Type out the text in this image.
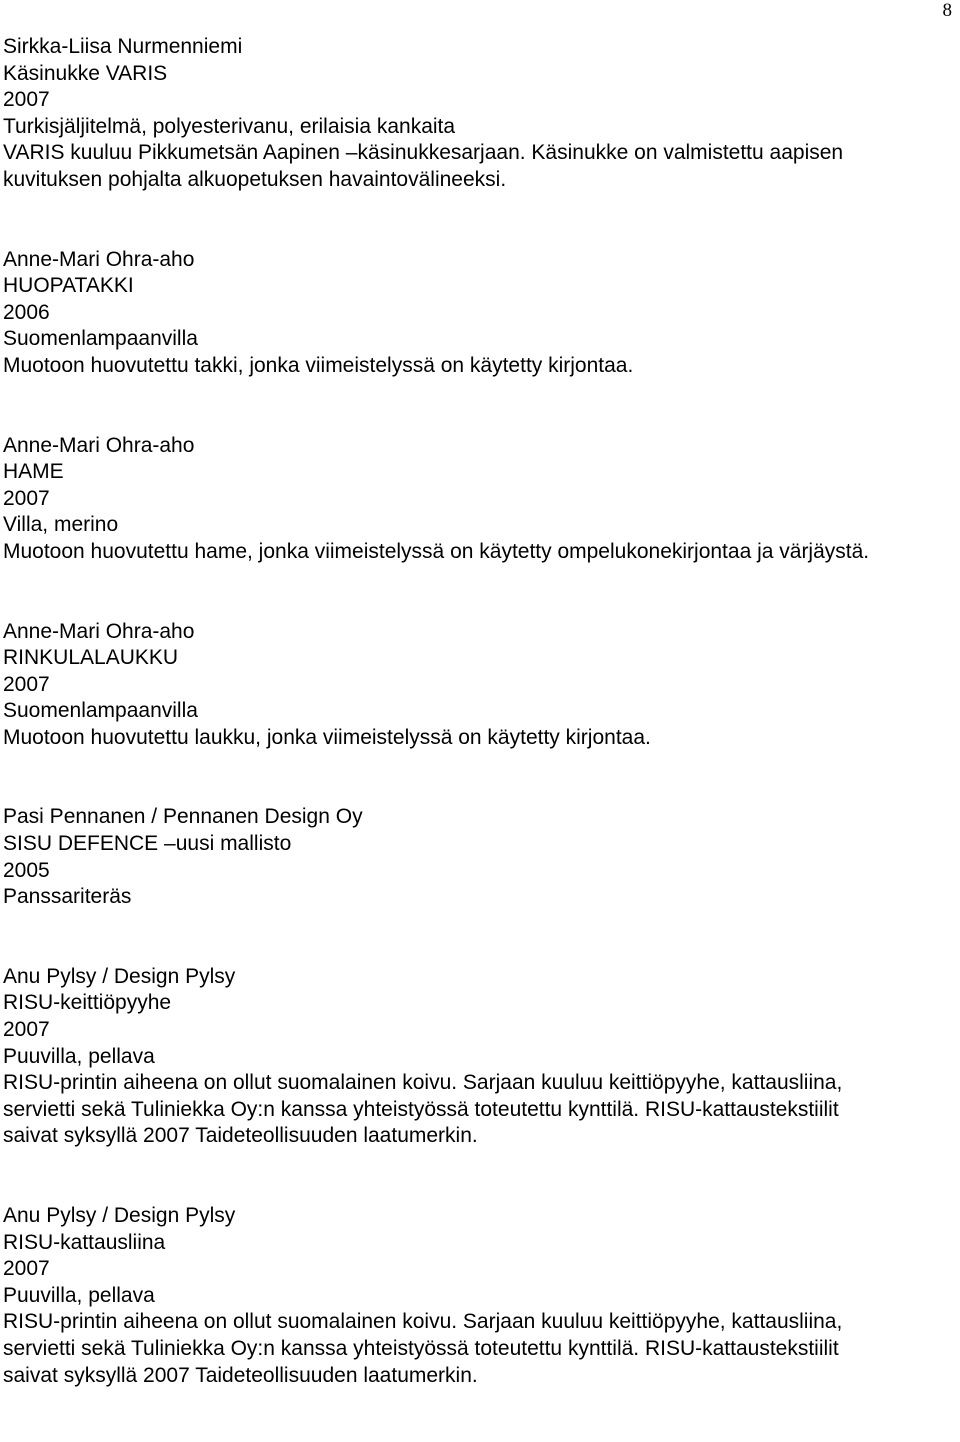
8
Sirkka-Liisa Nurmenniemi
Käsinukke VARIS
2007
Turkisjäljitelmä, polyesterivanu, erilaisia kankaita
VARIS kuuluu Pikkumetsän Aapinen –käsinukkesarjaan. Käsinukke on valmistettu aapisen
kuvituksen pohjalta alkuopetuksen havaintovälineeksi.
Anne-Mari Ohra-aho
HUOPATAKKI
2006
Suomenlampaanvilla
Muotoon huovutettu takki, jonka viimeistelyssä on käytetty kirjontaa.
Anne-Mari Ohra-aho
HAME
2007
Villa, merino
Muotoon huovutettu hame, jonka viimeistelyssä on käytetty ompelukonekirjontaa ja värjäystä.
Anne-Mari Ohra-aho
RINKULALAUKKU
2007
Suomenlampaanvilla
Muotoon huovutettu laukku, jonka viimeistelyssä on käytetty kirjontaa.
Pasi Pennanen / Pennanen Design Oy
SISU DEFENCE –uusi mallisto
2005
Panssariteräs
Anu Pylsy / Design Pylsy
RISU-keittiöpyyhe
2007
Puuvilla, pellava
RISU-printin aiheena on ollut suomalainen koivu. Sarjaan kuuluu keittiöpyyhe, kattausliina,
servietti sekä Tuliniekka Oy:n kanssa yhteistyössä toteutettu kynttilä. RISU-kattaustekstiilit
saivat syksyllä 2007 Taideteollisuuden laatumerkin.
Anu Pylsy / Design Pylsy
RISU-kattausliina
2007
Puuvilla, pellava
RISU-printin aiheena on ollut suomalainen koivu. Sarjaan kuuluu keittiöpyyhe, kattausliina,
servietti sekä Tuliniekka Oy:n kanssa yhteistyössä toteutettu kynttilä. RISU-kattaustekstiilit
saivat syksyllä 2007 Taideteollisuuden laatumerkin.
